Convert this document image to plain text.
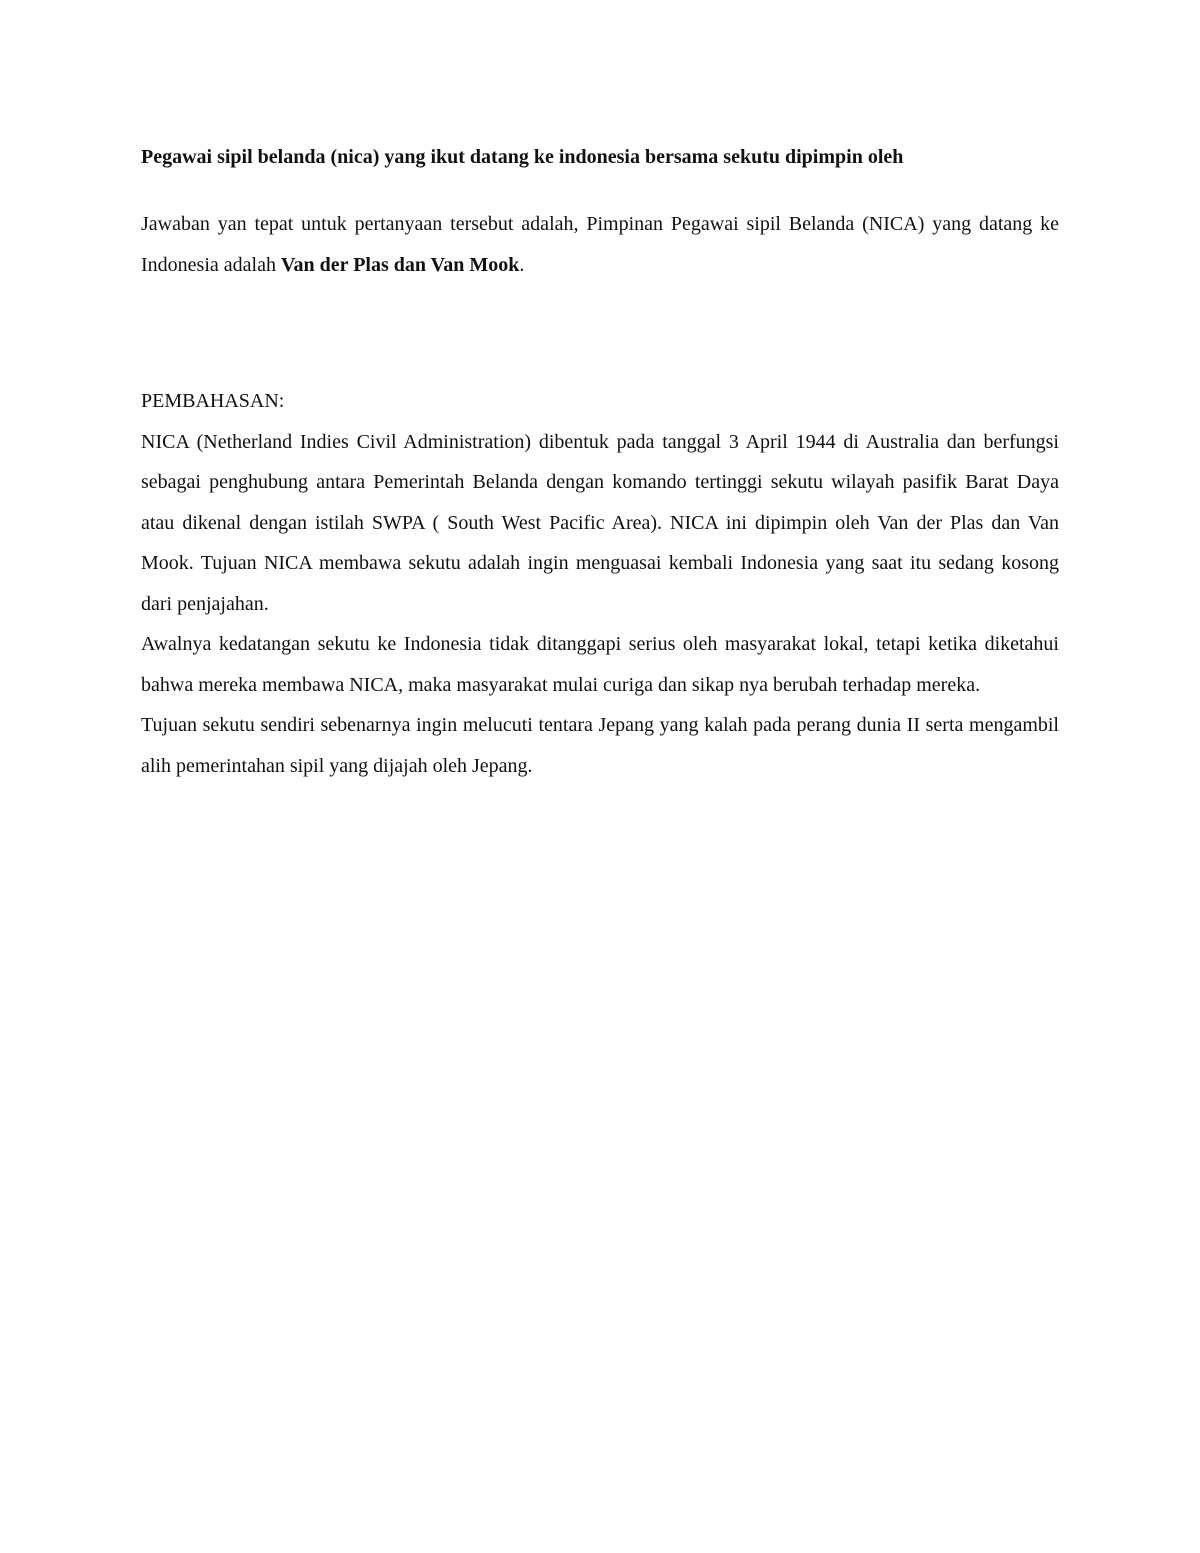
Pegawai sipil belanda (nica) yang ikut datang ke indonesia bersama sekutu dipimpin oleh

Jawaban yan tepat untuk pertanyaan tersebut adalah, Pimpinan Pegawai sipil Belanda (NICA) yang datang ke Indonesia adalah Van der Plas dan Van Mook.

PEMBAHASAN:

NICA (Netherland Indies Civil Administration) dibentuk pada tanggal 3 April 1944 di Australia dan berfungsi sebagai penghubung antara Pemerintah Belanda dengan komando tertinggi sekutu wilayah pasifik Barat Daya atau dikenal dengan istilah SWPA ( South West Pacific Area). NICA ini dipimpin oleh Van der Plas dan Van Mook. Tujuan NICA membawa sekutu adalah ingin menguasai kembali Indonesia yang saat itu sedang kosong dari penjajahan.

Awalnya kedatangan sekutu ke Indonesia tidak ditanggapi serius oleh masyarakat lokal, tetapi ketika diketahui bahwa mereka membawa NICA, maka masyarakat mulai curiga dan sikap nya berubah terhadap mereka.

Tujuan sekutu sendiri sebenarnya ingin melucuti tentara Jepang yang kalah pada perang dunia II serta mengambil alih pemerintahan sipil yang dijajah oleh Jepang.
